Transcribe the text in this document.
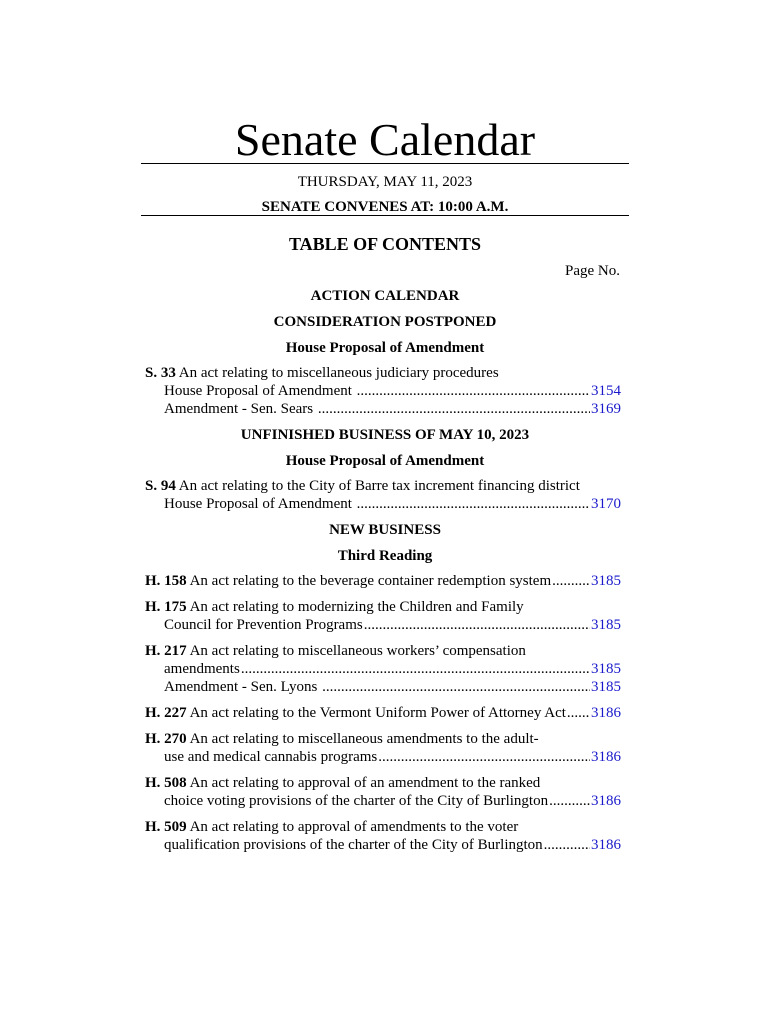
Senate Calendar
THURSDAY, MAY 11, 2023
SENATE CONVENES AT: 10:00 A.M.
TABLE OF CONTENTS
Page No.
ACTION CALENDAR
CONSIDERATION POSTPONED
House Proposal of Amendment
S. 33 An act relating to miscellaneous judiciary procedures
House Proposal of Amendment .....	3154
Amendment - Sen. Sears .....	3169
UNFINISHED BUSINESS OF MAY 10, 2023
House Proposal of Amendment
S. 94 An act relating to the City of Barre tax increment financing district
House Proposal of Amendment .....	3170
NEW BUSINESS
Third Reading
H. 158 An act relating to the beverage container redemption system .....	3185
H. 175 An act relating to modernizing the Children and Family
Council for Prevention Programs .....	3185
H. 217 An act relating to miscellaneous workers’ compensation
amendments .....	3185
Amendment - Sen. Lyons .....	3185
H. 227 An act relating to the Vermont Uniform Power of Attorney Act ..... 3186
H. 270 An act relating to miscellaneous amendments to the adult-
use and medical cannabis programs .....	3186
H. 508 An act relating to approval of an amendment to the ranked
choice voting provisions of the charter of the City of Burlington .....	3186
H. 509 An act relating to approval of amendments to the voter
qualification provisions of the charter of the City of Burlington .....	3186
